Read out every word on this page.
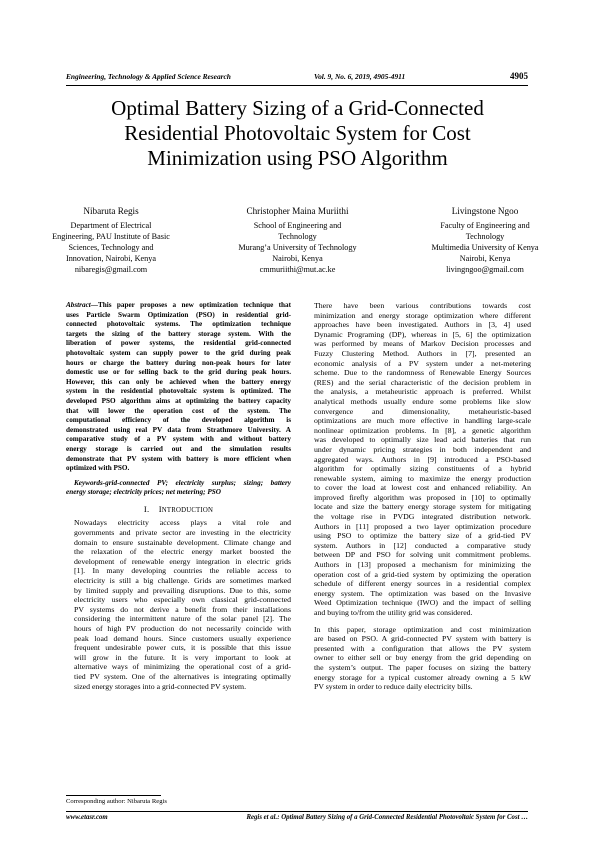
Engineering, Technology & Applied Science Research	Vol. 9, No. 6, 2019, 4905-4911	4905
Optimal Battery Sizing of a Grid-Connected
Residential Photovoltaic System for Cost
Minimization using PSO Algorithm
Nibaruta Regis
Department of Electrical
Engineering, PAU Institute of Basic
Sciences, Technology and
Innovation, Nairobi, Kenya
nibaregis@gmail.com
Christopher Maina Muriithi
School of Engineering and
Technology
Murang’a University of Technology
Nairobi, Kenya
cmmuriithi@mut.ac.ke
Livingstone Ngoo
Faculty of Engineering and
Technology
Multimedia University of Kenya
Nairobi, Kenya
livingngoo@gmail.com

Abstract—This paper proposes a new optimization technique that
uses Particle Swarm Optimization (PSO) in residential grid-
connected photovoltaic systems. The optimization technique
targets the sizing of the battery storage system. With the
liberation of power systems, the residential grid-connected
photovoltaic system can supply power to the grid during peak
hours or charge the battery during non-peak hours for later
domestic use or for selling back to the grid during peak hours.
However, this can only be achieved when the battery energy
system in the residential photovoltaic system is optimized. The
developed PSO algorithm aims at optimizing the battery capacity
that will lower the operation cost of the system. The
computational efficiency of the developed algorithm is
demonstrated using real PV data from Strathmore University. A
comparative study of a PV system with and without battery
energy storage is carried out and the simulation results
demonstrate that PV system with battery is more efficient when
optimized with PSO.

Keywords-grid-connected PV; electricity surplus; sizing; battery
energy storage; electricity prices; net metering; PSO

I. INTRODUCTION

Nowadays electricity access plays a vital role and
governments and private sector are investing in the electricity
domain to ensure sustainable development. Climate change and
the relaxation of the electric energy market boosted the
development of renewable energy integration in electric grids
[1]. In many developing countries the reliable access to
electricity is still a big challenge. Grids are sometimes marked
by limited supply and prevailing disruptions. Due to this, some
electricity users who especially own classical grid-connected
PV systems do not derive a benefit from their installations
considering the intermittent nature of the solar panel [2]. The
hours of high PV production do not necessarily coincide with
peak load demand hours. Since customers usually experience
frequent undesirable power cuts, it is possible that this issue
will grow in the future. It is very important to look at
alternative ways of minimizing the operational cost of a grid-
tied PV system. One of the alternatives is integrating optimally
sized energy storages into a grid-connected PV system.

There have been various contributions towards cost
minimization and energy storage optimization where different
approaches have been investigated. Authors in [3, 4] used
Dynamic Programing (DP), whereas in [5, 6] the optimization
was performed by means of Markov Decision processes and
Fuzzy Clustering Method. Authors in [7], presented an
economic analysis of a PV system under a net-metering
scheme. Due to the randomness of Renewable Energy Sources
(RES) and the serial characteristic of the decision problem in
the analysis, a metaheuristic approach is preferred. Whilst
analytical methods usually endure some problems like slow
convergence and dimensionality, metaheuristic-based
optimizations are much more effective in handling large-scale
nonlinear optimization problems. In [8], a genetic algorithm
was developed to optimally size lead acid batteries that run
under dynamic pricing strategies in both independent and
aggregated ways. Authors in [9] introduced a PSO-based
algorithm for optimally sizing constituents of a hybrid
renewable system, aiming to maximize the energy production
to cover the load at lowest cost and enhanced reliability. An
improved firefly algorithm was proposed in [10] to optimally
locate and size the battery energy storage system for mitigating
the voltage rise in PVDG integrated distribution network.
Authors in [11] proposed a two layer optimization procedure
using PSO to optimize the battery size of a grid-tied PV
system. Authors in [12] conducted a comparative study
between DP and PSO for solving unit commitment problems.
Authors in [13] proposed a mechanism for minimizing the
operation cost of a grid-tied system by optimizing the operation
schedule of different energy sources in a residential complex
energy system. The optimization was based on the Invasive
Weed Optimization technique (IWO) and the impact of selling
and buying to/from the utility grid was considered.

In this paper, storage optimization and cost minimization
are based on PSO. A grid-connected PV system with battery is
presented with a configuration that allows the PV system
owner to either sell or buy energy from the grid depending on
the system’s output. The paper focuses on sizing the battery
energy storage for a typical customer already owning a 5 kW
PV system in order to reduce daily electricity bills.

Corresponding author: Nibaruta Regis
www.etasr.com	Regis et al.: Optimal Battery Sizing of a Grid-Connected Residential Photovoltaic System for Cost …
